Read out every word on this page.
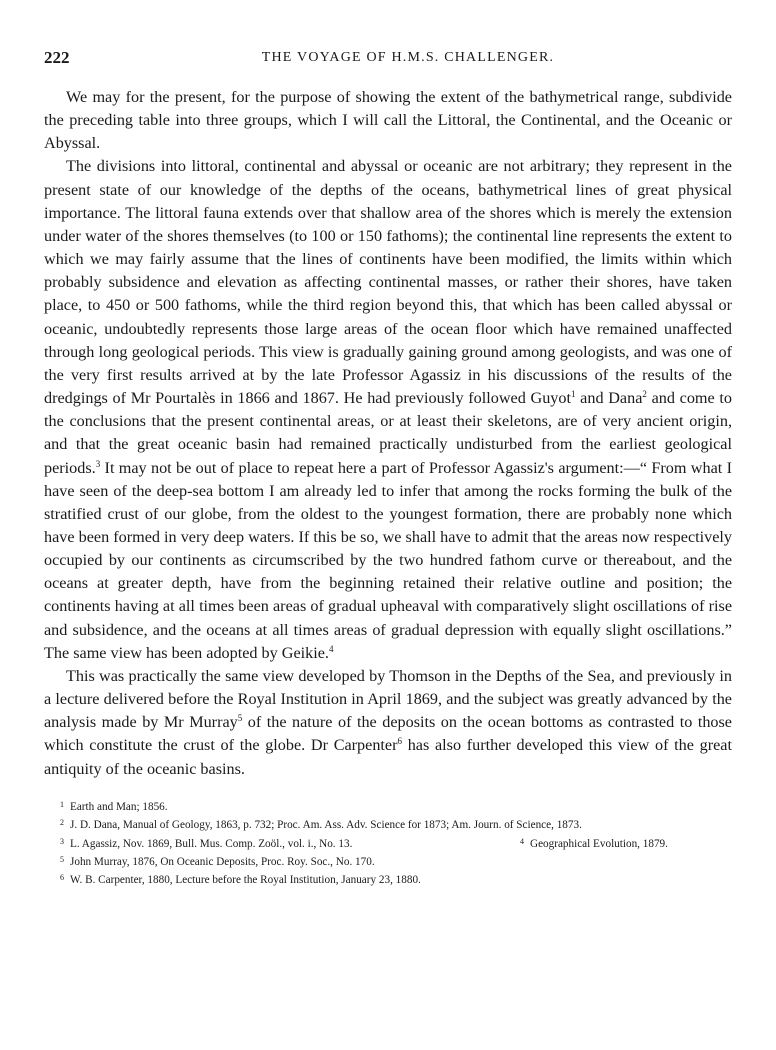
222	THE VOYAGE OF H.M.S. CHALLENGER.

We may for the present, for the purpose of showing the extent of the bathymetrical range, subdivide the preceding table into three groups, which I will call the Littoral, the Continental, and the Oceanic or Abyssal.

The divisions into littoral, continental and abyssal or oceanic are not arbitrary; they represent in the present state of our knowledge of the depths of the oceans, bathymetrical lines of great physical importance. The littoral fauna extends over that shallow area of the shores which is merely the extension under water of the shores themselves (to 100 or 150 fathoms); the continental line represents the extent to which we may fairly assume that the lines of continents have been modified, the limits within which probably subsidence and elevation as affecting continental masses, or rather their shores, have taken place, to 450 or 500 fathoms, while the third region beyond this, that which has been called abyssal or oceanic, undoubtedly represents those large areas of the ocean floor which have remained unaffected through long geological periods. This view is gradually gaining ground among geologists, and was one of the very first results arrived at by the late Professor Agassiz in his discussions of the results of the dredgings of Mr Pourtalès in 1866 and 1867. He had previously followed Guyot$^1$ and Dana$^2$ and come to the conclusions that the present continental areas, or at least their skeletons, are of very ancient origin, and that the great oceanic basin had remained practically undisturbed from the earliest geological periods.$^3$ It may not be out of place to repeat here a part of Professor Agassiz's argument:—“ From what I have seen of the deep-sea bottom I am already led to infer that among the rocks forming the bulk of the stratified crust of our globe, from the oldest to the youngest formation, there are probably none which have been formed in very deep waters. If this be so, we shall have to admit that the areas now respectively occupied by our continents as circumscribed by the two hundred fathom curve or thereabout, and the oceans at greater depth, have from the beginning retained their relative outline and position; the continents having at all times been areas of gradual upheaval with comparatively slight oscillations of rise and subsidence, and the oceans at all times areas of gradual depression with equally slight oscillations.” The same view has been adopted by Geikie.$^4$

This was practically the same view developed by Thomson in the Depths of the Sea, and previously in a lecture delivered before the Royal Institution in April 1869, and the subject was greatly advanced by the analysis made by Mr Murray$^5$ of the nature of the deposits on the ocean bottoms as contrasted to those which constitute the crust of the globe. Dr Carpenter$^6$ has also further developed this view of the great antiquity of the oceanic basins.

$^1$ Earth and Man; 1856.
$^2$ J. D. Dana, Manual of Geology, 1863, p. 732; Proc. Am. Ass. Adv. Science for 1873; Am. Journ. of Science, 1873.
$^3$ L. Agassiz, Nov. 1869, Bull. Mus. Comp. Zoöl., vol. i., No. 13.	$^4$ Geographical Evolution, 1879.
$^5$ John Murray, 1876, On Oceanic Deposits, Proc. Roy. Soc., No. 170.
$^6$ W. B. Carpenter, 1880, Lecture before the Royal Institution, January 23, 1880.
